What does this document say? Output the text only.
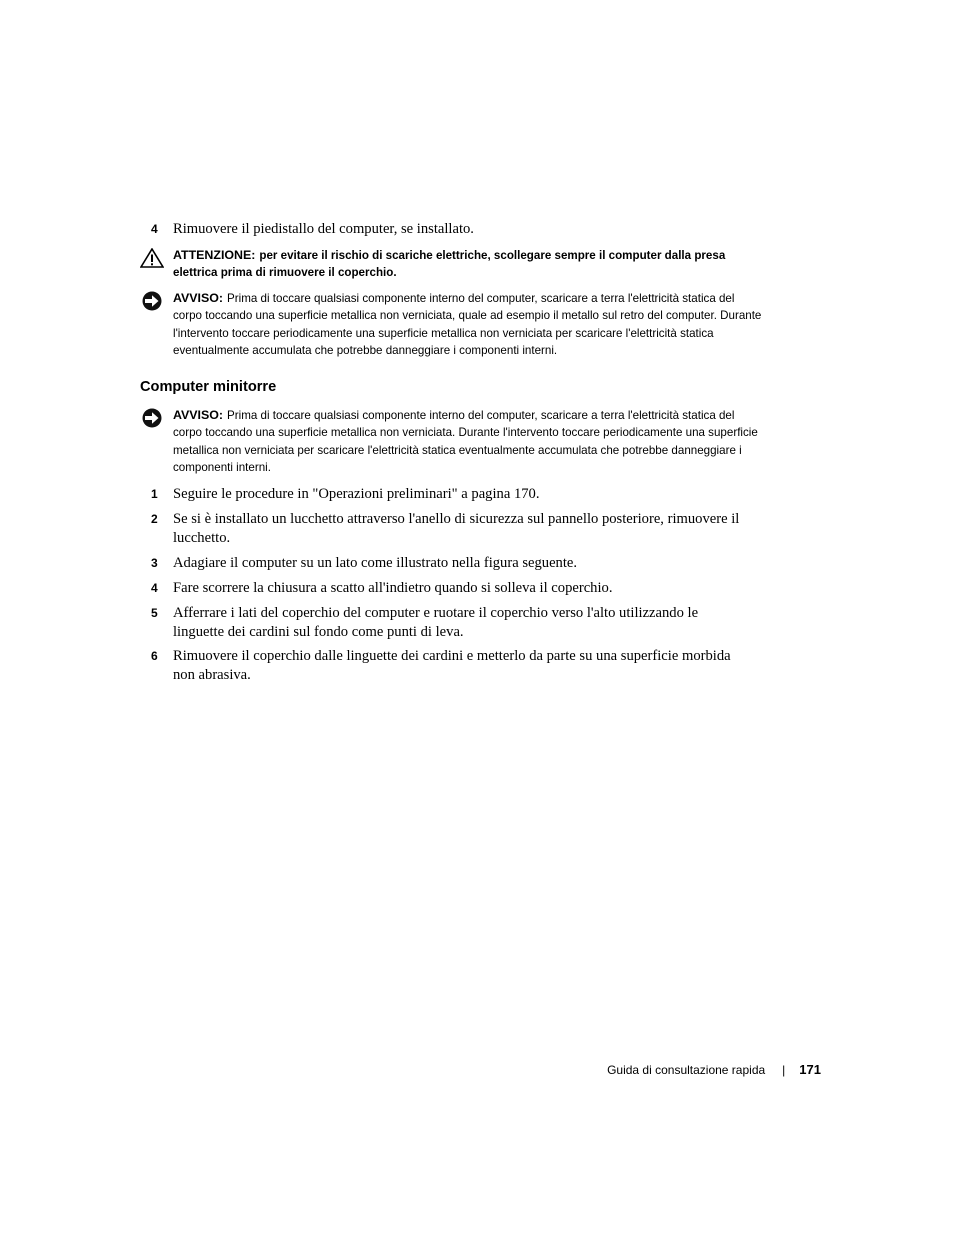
4	Rimuovere il piedistallo del computer, se installato.
ATTENZIONE: per evitare il rischio di scariche elettriche, scollegare sempre il computer dalla presa elettrica prima di rimuovere il coperchio.
AVVISO: Prima di toccare qualsiasi componente interno del computer, scaricare a terra l'elettricità statica del corpo toccando una superficie metallica non verniciata, quale ad esempio il metallo sul retro del computer. Durante l'intervento toccare periodicamente una superficie metallica non verniciata per scaricare l'elettricità statica eventualmente accumulata che potrebbe danneggiare i componenti interni.
Computer minitorre
AVVISO: Prima di toccare qualsiasi componente interno del computer, scaricare a terra l'elettricità statica del corpo toccando una superficie metallica non verniciata. Durante l'intervento toccare periodicamente una superficie metallica non verniciata per scaricare l'elettricità statica eventualmente accumulata che potrebbe danneggiare i componenti interni.
1	Seguire le procedure in "Operazioni preliminari" a pagina 170.
2	Se si è installato un lucchetto attraverso l'anello di sicurezza sul pannello posteriore, rimuovere il lucchetto.
3	Adagiare il computer su un lato come illustrato nella figura seguente.
4	Fare scorrere la chiusura a scatto all'indietro quando si solleva il coperchio.
5	Afferrare i lati del coperchio del computer e ruotare il coperchio verso l'alto utilizzando le linguette dei cardini sul fondo come punti di leva.
6	Rimuovere il coperchio dalle linguette dei cardini e metterlo da parte su una superficie morbida non abrasiva.
Guida di consultazione rapida | 171
